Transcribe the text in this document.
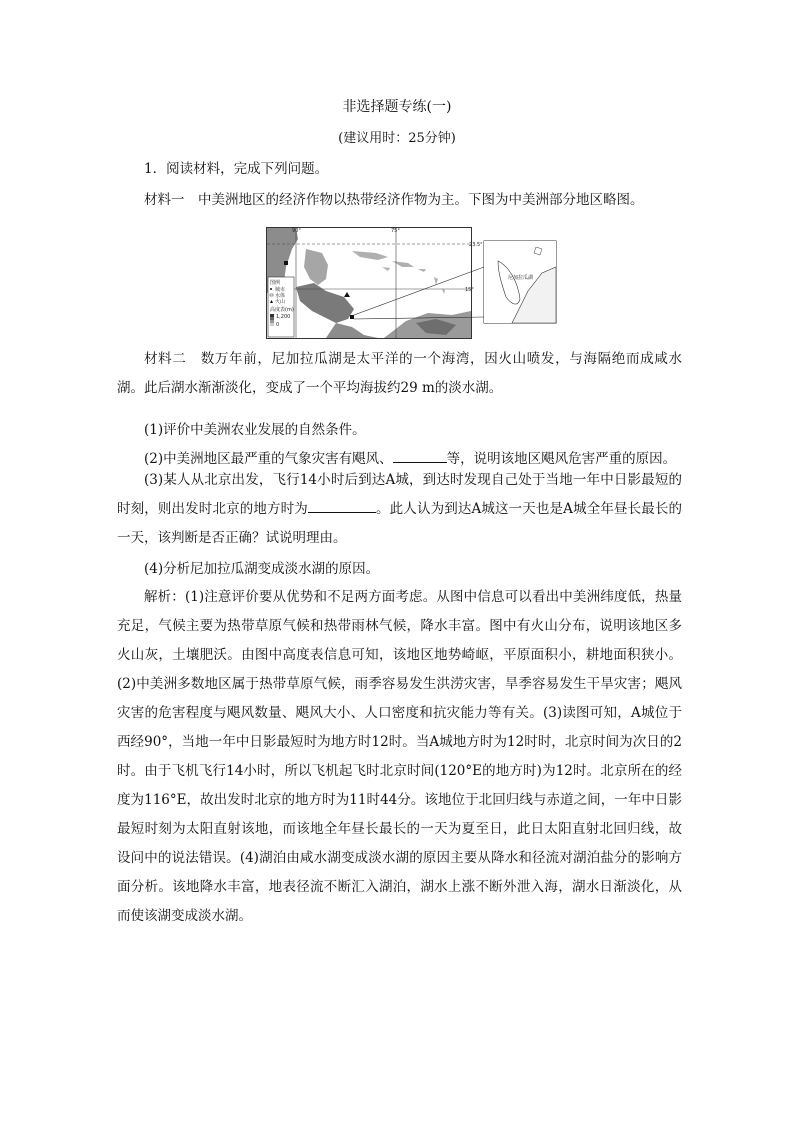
非选择题专练(一)
(建议用时：25分钟)
1．阅读材料，完成下列问题。
材料一　中美洲地区的经济作物以热带经济作物为主。下图为中美洲部分地区略图。
90°	75°
23.5°
15°
图例
城市
水体
火山
高度表(m)
1,200
0
尼加拉瓜湖
材料二　数万年前，尼加拉瓜湖是太平洋的一个海湾，因火山喷发，与海隔绝而成咸水湖。此后湖水渐渐淡化，变成了一个平均海拔约29 m的淡水湖。
(1)评价中美洲农业发展的自然条件。
(2)中美洲地区最严重的气象灾害有飓风、	等，说明该地区飓风危害严重的原因。
(3)某人从北京出发，飞行14小时后到达A城，到达时发现自己处于当地一年中日影最短的时刻，则出发时北京的地方时为	。此人认为到达A城这一天也是A城全年昼长最长的一天，该判断是否正确？试说明理由。
(4)分析尼加拉瓜湖变成淡水湖的原因。
解析：(1)注意评价要从优势和不足两方面考虑。从图中信息可以看出中美洲纬度低，热量充足，气候主要为热带草原气候和热带雨林气候，降水丰富。图中有火山分布，说明该地区多火山灰，土壤肥沃。由图中高度表信息可知，该地区地势崎岖，平原面积小，耕地面积狭小。(2)中美洲多数地区属于热带草原气候，雨季容易发生洪涝灾害，旱季容易发生干旱灾害；飓风灾害的危害程度与飓风数量、飓风大小、人口密度和抗灾能力等有关。(3)读图可知，A城位于西经90°，当地一年中日影最短时为地方时12时。当A城地方时为12时时，北京时间为次日的2时。由于飞机飞行14小时，所以飞机起飞时北京时间(120°E的地方时)为12时。北京所在的经度为116°E，故出发时北京的地方时为11时44分。该地位于北回归线与赤道之间，一年中日影最短时刻为太阳直射该地，而该地全年昼长最长的一天为夏至日，此日太阳直射北回归线，故设问中的说法错误。(4)湖泊由咸水湖变成淡水湖的原因主要从降水和径流对湖泊盐分的影响方面分析。该地降水丰富，地表径流不断汇入湖泊，湖水上涨不断外泄入海，湖水日渐淡化，从而使该湖变成淡水湖。
